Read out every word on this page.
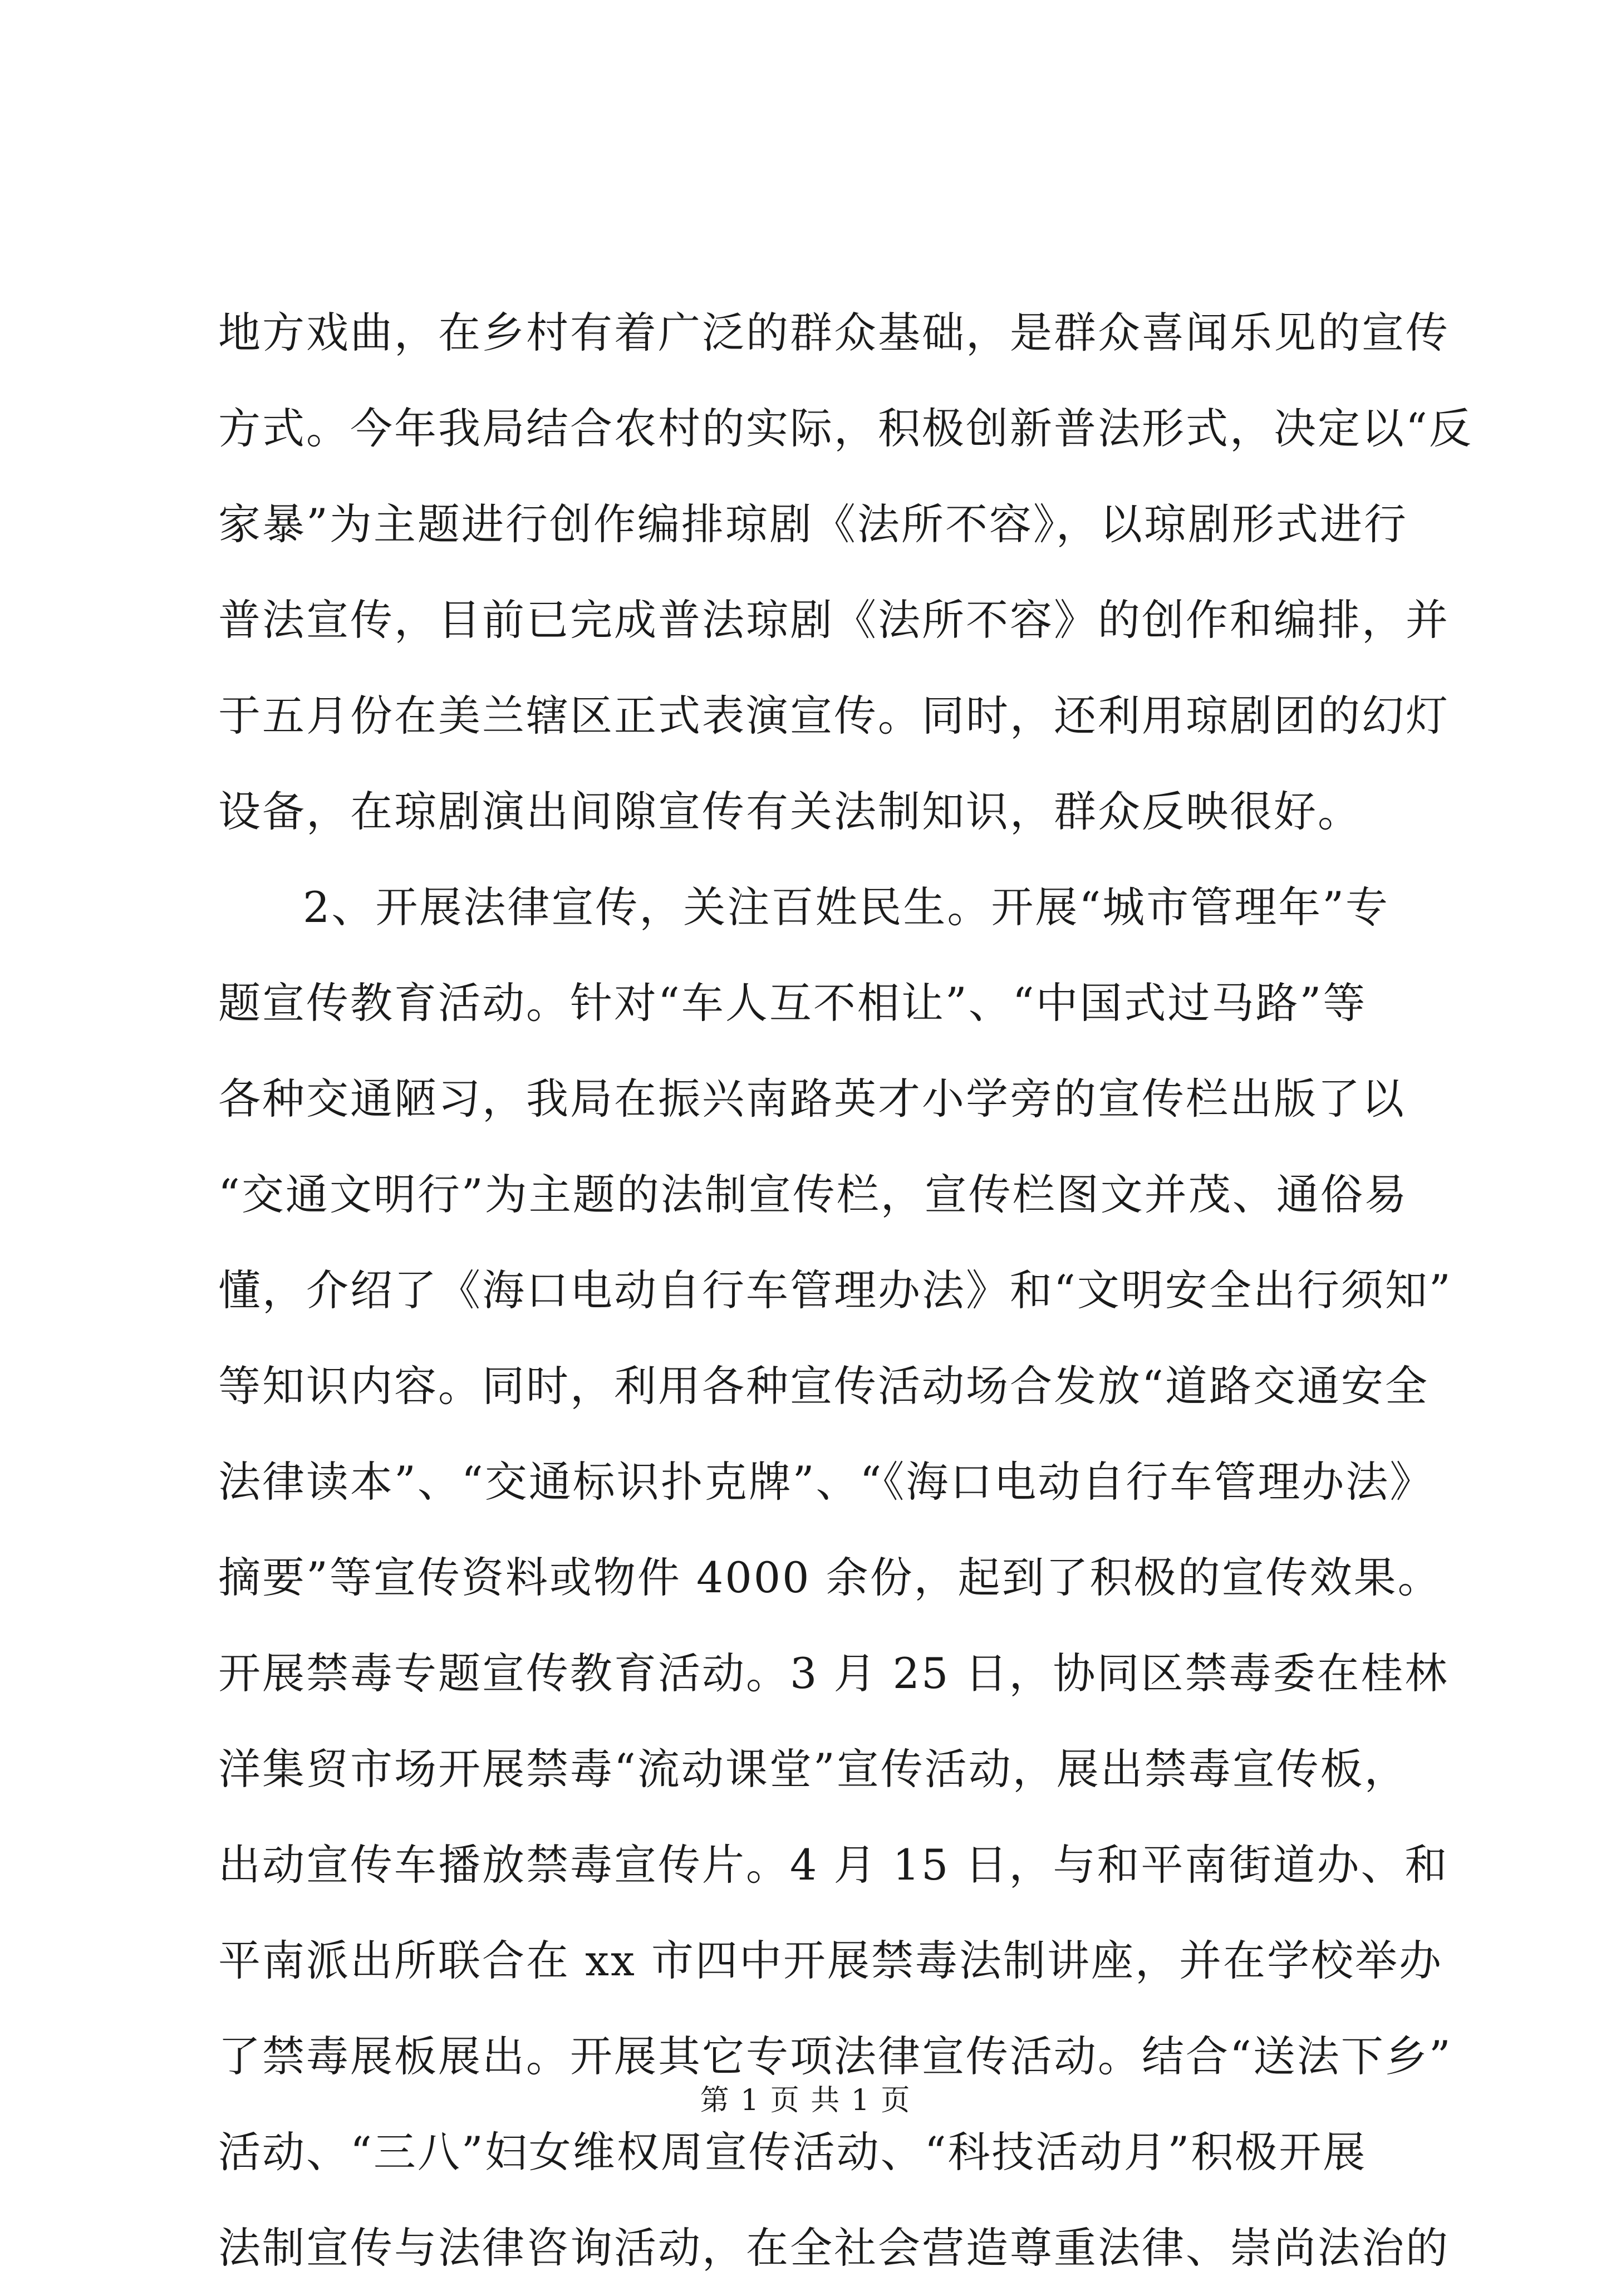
地方戏曲，在乡村有着广泛的群众基础，是群众喜闻乐见的宣传
方式。今年我局结合农村的实际，积极创新普法形式，决定以“反
家暴”为主题进行创作编排琼剧《法所不容》，以琼剧形式进行
普法宣传，目前已完成普法琼剧《法所不容》的创作和编排，并
于五月份在美兰辖区正式表演宣传。同时，还利用琼剧团的幻灯
设备，在琼剧演出间隙宣传有关法制知识，群众反映很好。
2、开展法律宣传，关注百姓民生。开展“城市管理年”专
题宣传教育活动。针对“车人互不相让”、“中国式过马路”等
各种交通陋习，我局在振兴南路英才小学旁的宣传栏出版了以
“交通文明行”为主题的法制宣传栏，宣传栏图文并茂、通俗易
懂，介绍了《海口电动自行车管理办法》和“文明安全出行须知”
等知识内容。同时，利用各种宣传活动场合发放“道路交通安全
法律读本”、“交通标识扑克牌”、“《海口电动自行车管理办法》
摘要”等宣传资料或物件 4000 余份，起到了积极的宣传效果。
开展禁毒专题宣传教育活动。3 月 25 日，协同区禁毒委在桂林
洋集贸市场开展禁毒“流动课堂”宣传活动，展出禁毒宣传板，
出动宣传车播放禁毒宣传片。4 月 15 日，与和平南街道办、和
平南派出所联合在 xx 市四中开展禁毒法制讲座，并在学校举办
了禁毒展板展出。开展其它专项法律宣传活动。结合“送法下乡”
活动、“三八”妇女维权周宣传活动、“科技活动月”积极开展
法制宣传与法律咨询活动，在全社会营造尊重法律、崇尚法治的
第 1 页 共 1 页
